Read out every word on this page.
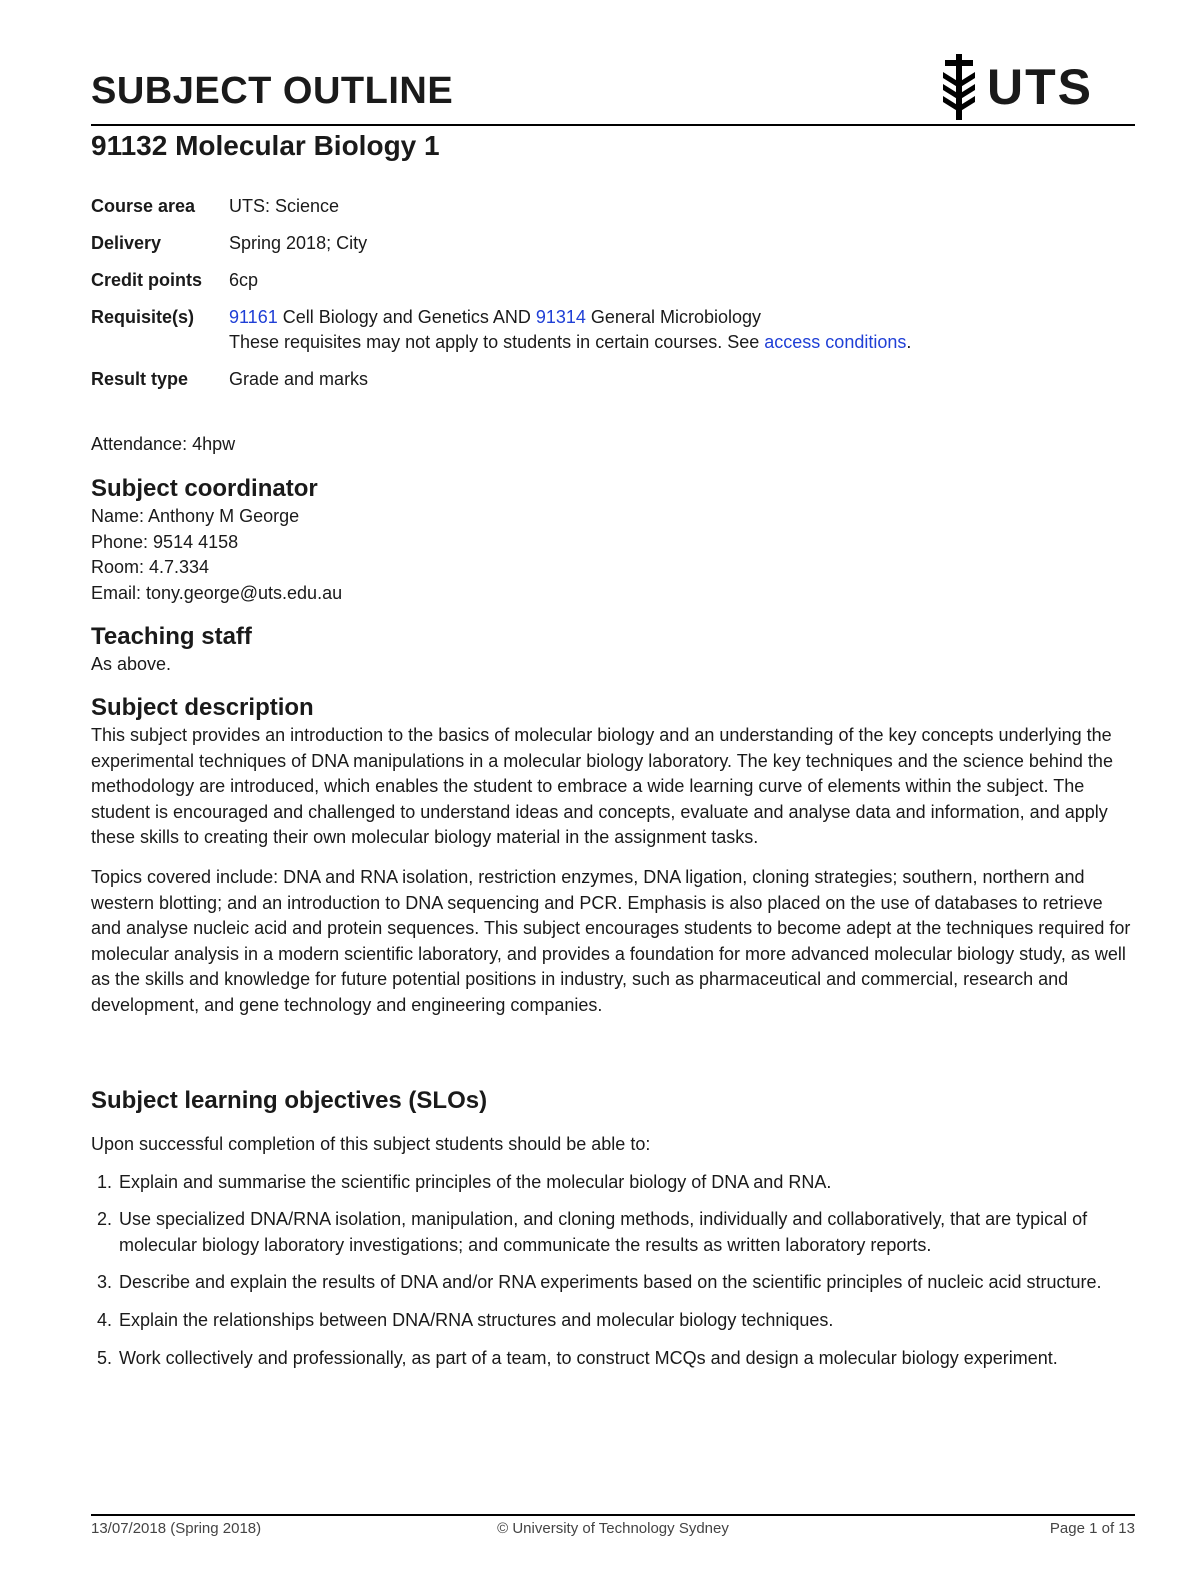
SUBJECT OUTLINE	UTS
91132 Molecular Biology 1
Course area	UTS: Science
Delivery	Spring 2018; City
Credit points	6cp
Requisite(s)	91161 Cell Biology and Genetics AND 91314 General Microbiology
These requisites may not apply to students in certain courses. See access conditions.
Result type	Grade and marks

Attendance: 4hpw

Subject coordinator

Name: Anthony M George

Phone: 9514 4158

Room: 4.7.334

Email: tony.george@uts.edu.au

Teaching staff

As above.

Subject description

This subject provides an introduction to the basics of molecular biology and an understanding of the key concepts underlying the experimental techniques of DNA manipulations in a molecular biology laboratory. The key techniques and the science behind the methodology are introduced, which enables the student to embrace a wide learning curve of elements within the subject. The student is encouraged and challenged to understand ideas and concepts, evaluate and analyse data and information, and apply these skills to creating their own molecular biology material in the assignment tasks.

Topics covered include: DNA and RNA isolation, restriction enzymes, DNA ligation, cloning strategies; southern, northern and western blotting; and an introduction to DNA sequencing and PCR. Emphasis is also placed on the use of databases to retrieve and analyse nucleic acid and protein sequences. This subject encourages students to become adept at the techniques required for molecular analysis in a modern scientific laboratory, and provides a foundation for more advanced molecular biology study, as well as the skills and knowledge for future potential positions in industry, such as pharmaceutical and commercial, research and development, and gene technology and engineering companies.

Subject learning objectives (SLOs)

Upon successful completion of this subject students should be able to:

1. Explain and summarise the scientific principles of the molecular biology of DNA and RNA.
2. Use specialized DNA/RNA isolation, manipulation, and cloning methods, individually and collaboratively, that are typical of molecular biology laboratory investigations; and communicate the results as written laboratory reports.
3. Describe and explain the results of DNA and/or RNA experiments based on the scientific principles of nucleic acid structure.
4. Explain the relationships between DNA/RNA structures and molecular biology techniques.
5. Work collectively and professionally, as part of a team, to construct MCQs and design a molecular biology experiment.
13/07/2018 (Spring 2018)	© University of Technology Sydney	Page 1 of 13
